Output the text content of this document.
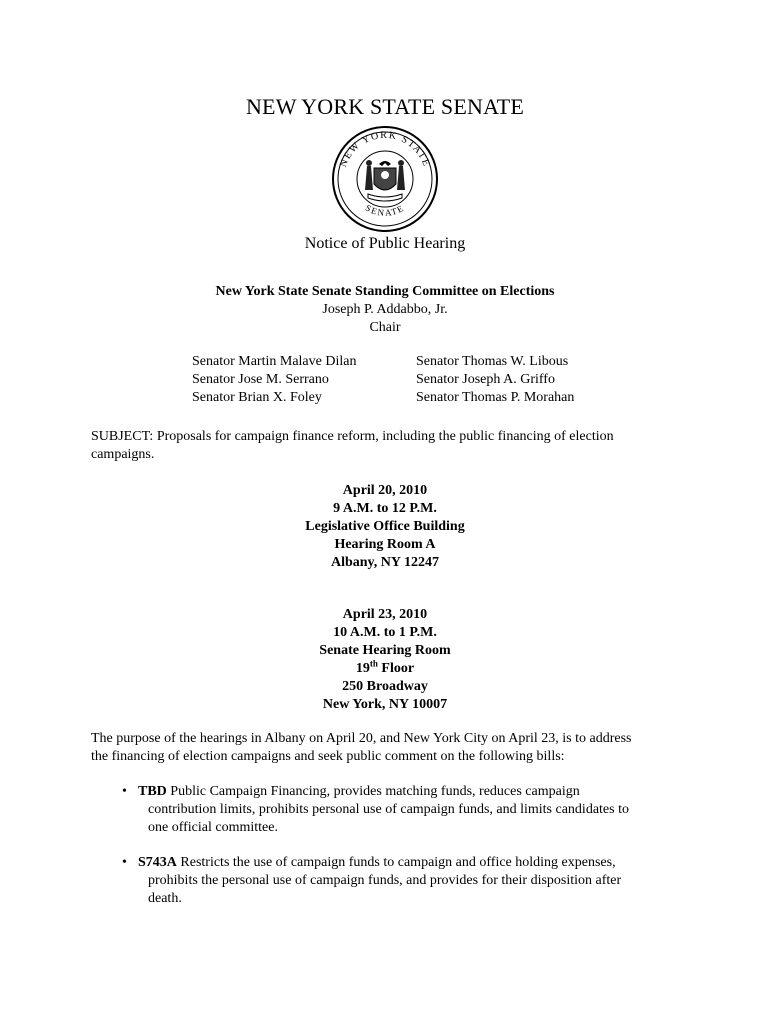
NEW YORK STATE SENATE
NEW YORK STATE
SENATE
Notice of Public Hearing
New York State Senate Standing Committee on Elections
Joseph P. Addabbo, Jr.
Chair
Senator Martin Malave Dilan
Senator Jose M. Serrano
Senator Brian X. Foley
Senator Thomas W. Libous
Senator Joseph A. Griffo
Senator Thomas P. Morahan
SUBJECT: Proposals for campaign finance reform, including the public financing of election
campaigns.
April 20, 2010
9 A.M. to 12 P.M.
Legislative Office Building
Hearing Room A
Albany, NY 12247
April 23, 2010
10 A.M. to 1 P.M.
Senate Hearing Room
19th Floor
250 Broadway
New York, NY 10007
The purpose of the hearings in Albany on April 20, and New York City on April 23, is to address
the financing of election campaigns and seek public comment on the following bills:
• TBD Public Campaign Financing, provides matching funds, reduces campaign
contribution limits, prohibits personal use of campaign funds, and limits candidates to
one official committee.
• S743A Restricts the use of campaign funds to campaign and office holding expenses,
prohibits the personal use of campaign funds, and provides for their disposition after
death.
